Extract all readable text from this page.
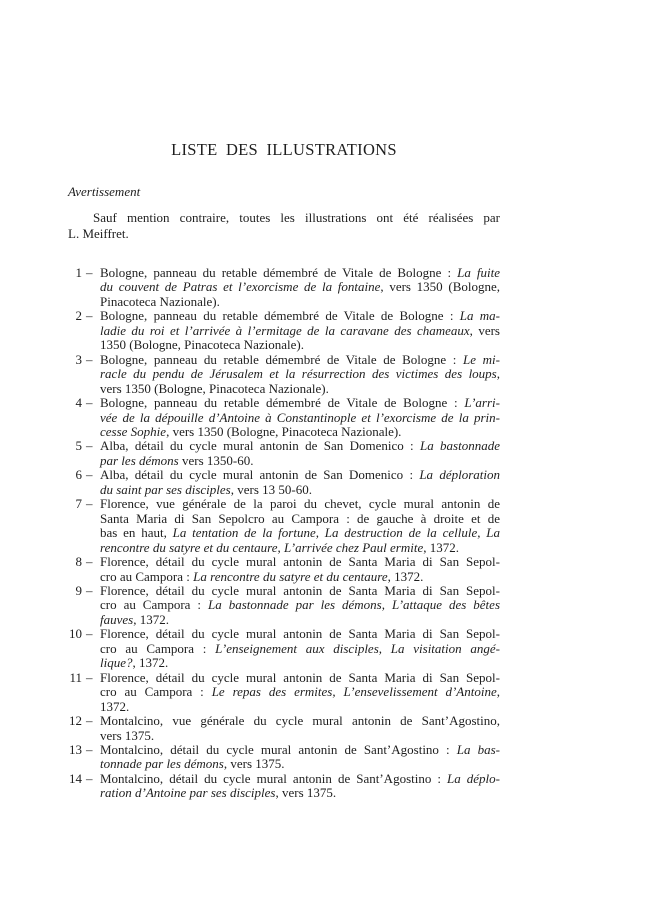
LISTE DES ILLUSTRATIONS
Avertissement
Sauf mention contraire, toutes les illustrations ont été réalisées par
L. Meiffret.
1 – Bologne, panneau du retable démembré de Vitale de Bologne : La fuite
du couvent de Patras et l’exorcisme de la fontaine, vers 1350 (Bologne,
Pinacoteca Nazionale).
2 – Bologne, panneau du retable démembré de Vitale de Bologne : La ma-
ladie du roi et l’arrivée à l’ermitage de la caravane des chameaux, vers
1350 (Bologne, Pinacoteca Nazionale).
3 – Bologne, panneau du retable démembré de Vitale de Bologne : Le mi-
racle du pendu de Jérusalem et la résurrection des victimes des loups,
vers 1350 (Bologne, Pinacoteca Nazionale).
4 – Bologne, panneau du retable démembré de Vitale de Bologne : L’arri-
vée de la dépouille d’Antoine à Constantinople et l’exorcisme de la prin-
cesse Sophie, vers 1350 (Bologne, Pinacoteca Nazionale).
5 – Alba, détail du cycle mural antonin de San Domenico : La bastonnade
par les démons vers 1350-60.
6 – Alba, détail du cycle mural antonin de San Domenico : La déploration
du saint par ses disciples, vers 13 50-60.
7 – Florence, vue générale de la paroi du chevet, cycle mural antonin de
Santa Maria di San Sepolcro au Campora : de gauche à droite et de
bas en haut, La tentation de la fortune, La destruction de la cellule, La
rencontre du satyre et du centaure, L’arrivée chez Paul ermite, 1372.
8 – Florence, détail du cycle mural antonin de Santa Maria di San Sepol-
cro au Campora : La rencontre du satyre et du centaure, 1372.
9 – Florence, détail du cycle mural antonin de Santa Maria di San Sepol-
cro au Campora : La bastonnade par les démons, L’attaque des bêtes
fauves, 1372.
10 – Florence, détail du cycle mural antonin de Santa Maria di San Sepol-
cro au Campora : L’enseignement aux disciples, La visitation angé-
lique?, 1372.
11 – Florence, détail du cycle mural antonin de Santa Maria di San Sepol-
cro au Campora : Le repas des ermites, L’ensevelissement d’Antoine,
1372.
12 – Montalcino, vue générale du cycle mural antonin de Sant’Agostino,
vers 1375.
13 – Montalcino, détail du cycle mural antonin de Sant’Agostino : La bas-
tonnade par les démons, vers 1375.
14 – Montalcino, détail du cycle mural antonin de Sant’Agostino : La déplo-
ration d’Antoine par ses disciples, vers 1375.
